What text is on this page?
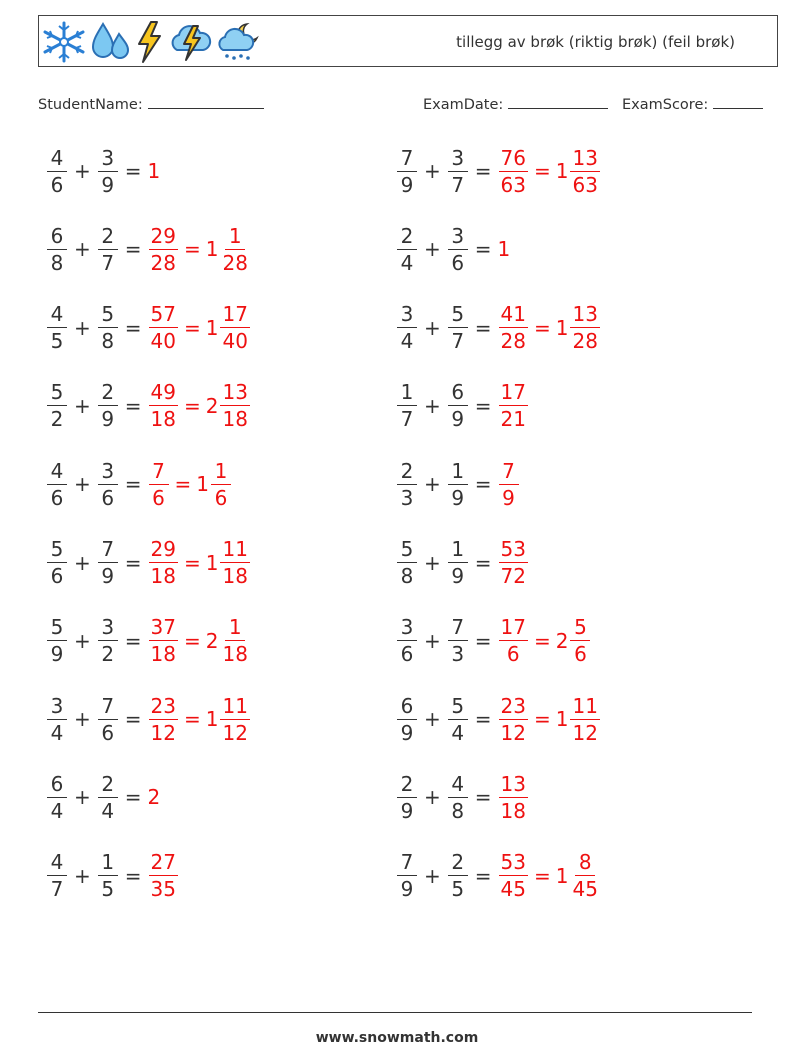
tillegg av brøk (riktig brøk) (feil brøk)
StudentName:	ExamDate:	ExamScore:
$\frac{4}{6} + \frac{3}{9} = 1$
$\frac{6}{8} + \frac{2}{7} = \frac{29}{28} = 1 \frac{1}{28}$
$\frac{4}{5} + \frac{5}{8} = \frac{57}{40} = 1 \frac{17}{40}$
$\frac{5}{2} + \frac{2}{9} = \frac{49}{18} = 2 \frac{13}{18}$
$\frac{4}{6} + \frac{3}{6} = \frac{7}{6} = 1 \frac{1}{6}$
$\frac{5}{6} + \frac{7}{9} = \frac{29}{18} = 1 \frac{11}{18}$
$\frac{5}{9} + \frac{3}{2} = \frac{37}{18} = 2 \frac{1}{18}$
$\frac{3}{4} + \frac{7}{6} = \frac{23}{12} = 1 \frac{11}{12}$
$\frac{6}{4} + \frac{2}{4} = 2$
$\frac{4}{7} + \frac{1}{5} = \frac{27}{35}$
$\frac{7}{9} + \frac{3}{7} = \frac{76}{63} = 1 \frac{13}{63}$
$\frac{2}{4} + \frac{3}{6} = 1$
$\frac{3}{4} + \frac{5}{7} = \frac{41}{28} = 1 \frac{13}{28}$
$\frac{1}{7} + \frac{6}{9} = \frac{17}{21}$
$\frac{2}{3} + \frac{1}{9} = \frac{7}{9}$
$\frac{5}{8} + \frac{1}{9} = \frac{53}{72}$
$\frac{3}{6} + \frac{7}{3} = \frac{17}{6} = 2 \frac{5}{6}$
$\frac{6}{9} + \frac{5}{4} = \frac{23}{12} = 1 \frac{11}{12}$
$\frac{2}{9} + \frac{4}{8} = \frac{13}{18}$
$\frac{7}{9} + \frac{2}{5} = \frac{53}{45} = 1 \frac{8}{45}$
www.snowmath.com
